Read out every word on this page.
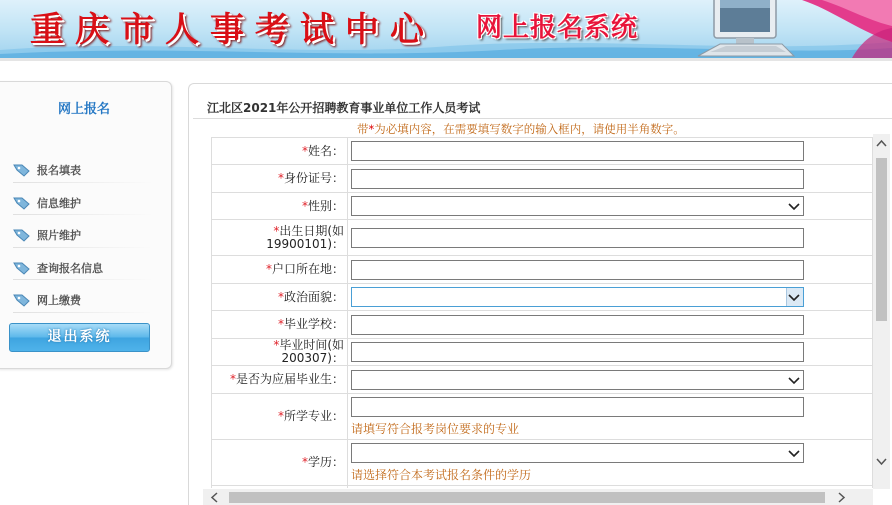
重庆市人事考试中心 网上报名系统
网上报名
报名填表
信息维护
照片维护
查询报名信息
网上缴费
退出系统
江北区2021年公开招聘教育事业单位工作人员考试
带*为必填内容，在需要填写数字的输入框内，请使用半角数字。
*姓名：	

*身份证号：	

*性别：	

*出生日期(如19900101)：	

*户口所在地：	

*政治面貌：	

*毕业学校：	

*毕业时间(如200307)：	

*是否为应届毕业生：	

*所学专业：	请填写符合报考岗位要求的专业

*学历：	请选择符合本考试报名条件的学历
